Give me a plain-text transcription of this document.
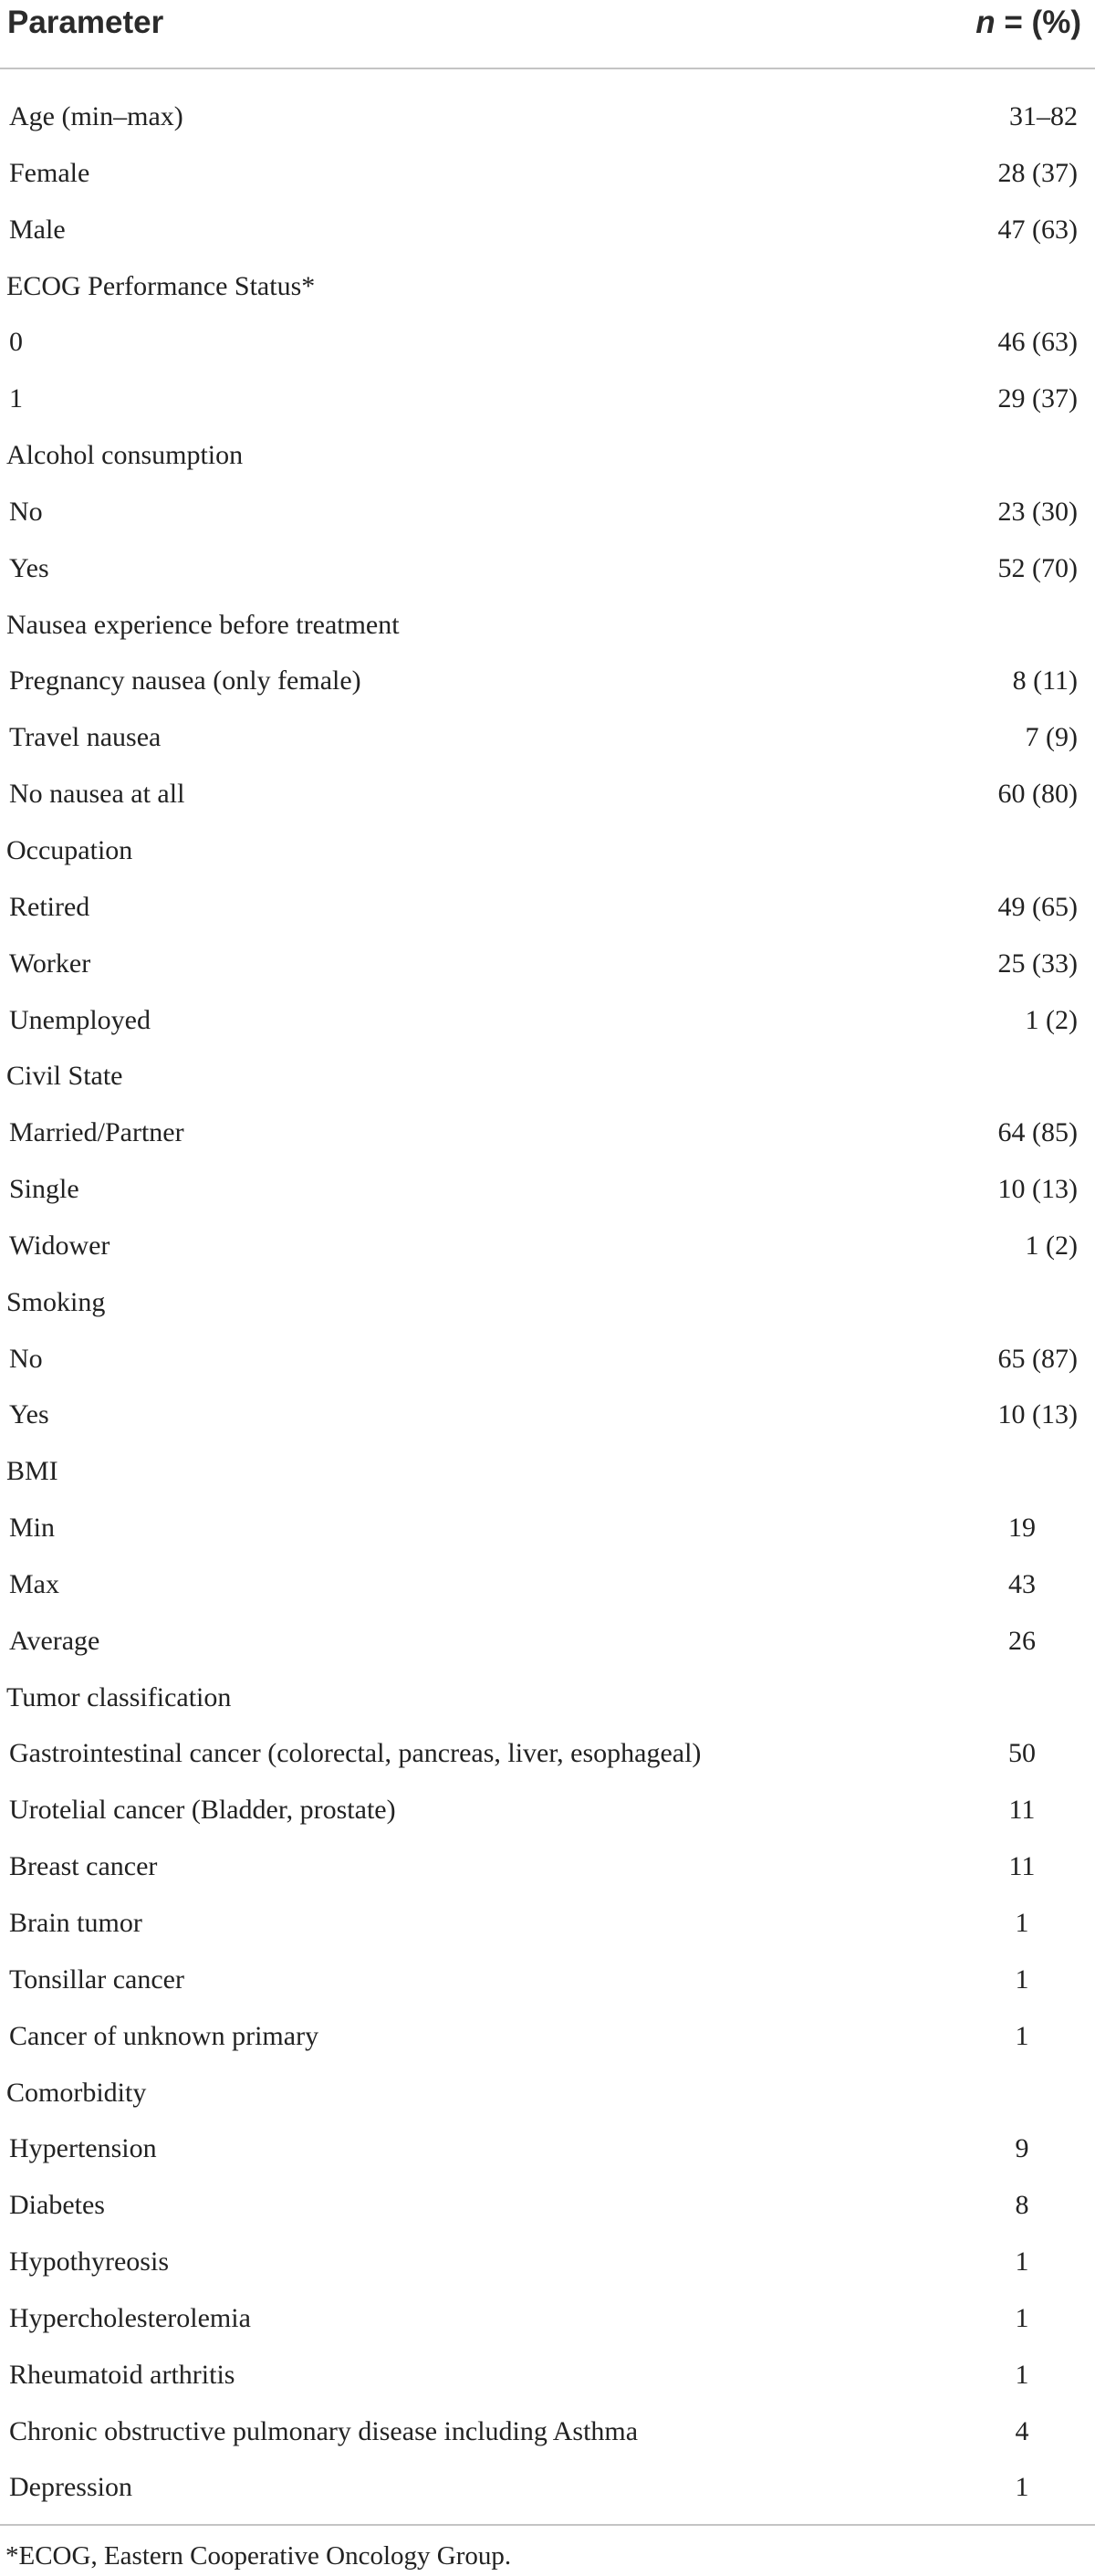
Parameter	n = (%)
Age (min–max)	31–82
Female	28 (37)
Male	47 (63)
ECOG Performance Status*
0	46 (63)
1	29 (37)
Alcohol consumption
No	23 (30)
Yes	52 (70)
Nausea experience before treatment
Pregnancy nausea (only female)	8 (11)
Travel nausea	7 (9)
No nausea at all	60 (80)
Occupation
Retired	49 (65)
Worker	25 (33)
Unemployed	1 (2)
Civil State
Married/Partner	64 (85)
Single	10 (13)
Widower	1 (2)
Smoking
No	65 (87)
Yes	10 (13)
BMI
Min	19
Max	43
Average	26
Tumor classification
Gastrointestinal cancer (colorectal, pancreas, liver, esophageal)	50
Urotelial cancer (Bladder, prostate)	11
Breast cancer	11
Brain tumor	1
Tonsillar cancer	1
Cancer of unknown primary	1
Comorbidity
Hypertension	9
Diabetes	8
Hypothyreosis	1
Hypercholesterolemia	1
Rheumatoid arthritis	1
Chronic obstructive pulmonary disease including Asthma	4
Depression	1
*ECOG, Eastern Cooperative Oncology Group.
